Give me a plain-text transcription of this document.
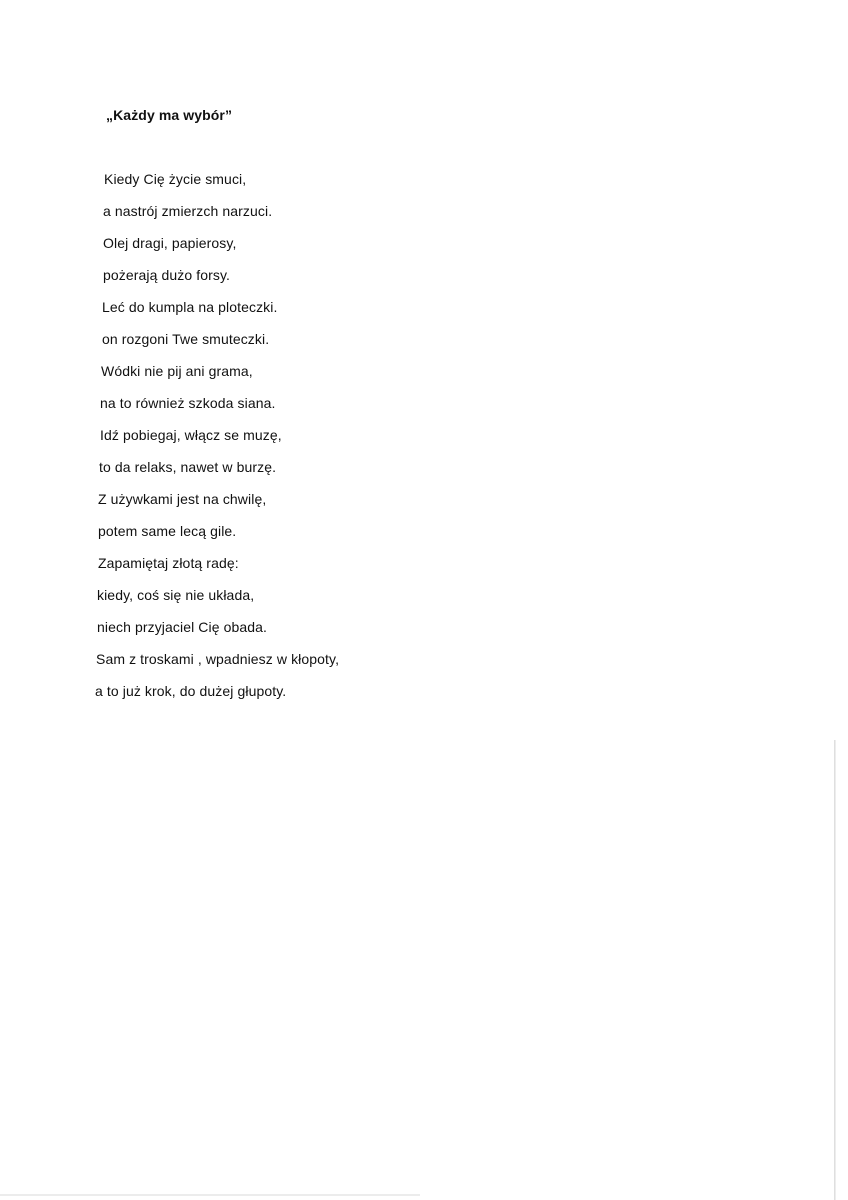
„Każdy ma wybór”
Kiedy Cię życie smuci,
a nastrój zmierzch narzuci.
Olej dragi, papierosy,
pożerają dużo forsy.
Leć do kumpla na ploteczki.
on rozgoni Twe smuteczki.
Wódki nie pij ani grama,
na to również szkoda siana.
Idź pobiegaj, włącz se muzę,
to da relaks, nawet w burzę.
Z używkami jest na chwilę,
potem same lecą gile.
Zapamiętaj złotą radę:
kiedy, coś się nie układa,
niech przyjaciel Cię obada.
Sam z troskami , wpadniesz w kłopoty,
a to już krok, do dużej głupoty.
